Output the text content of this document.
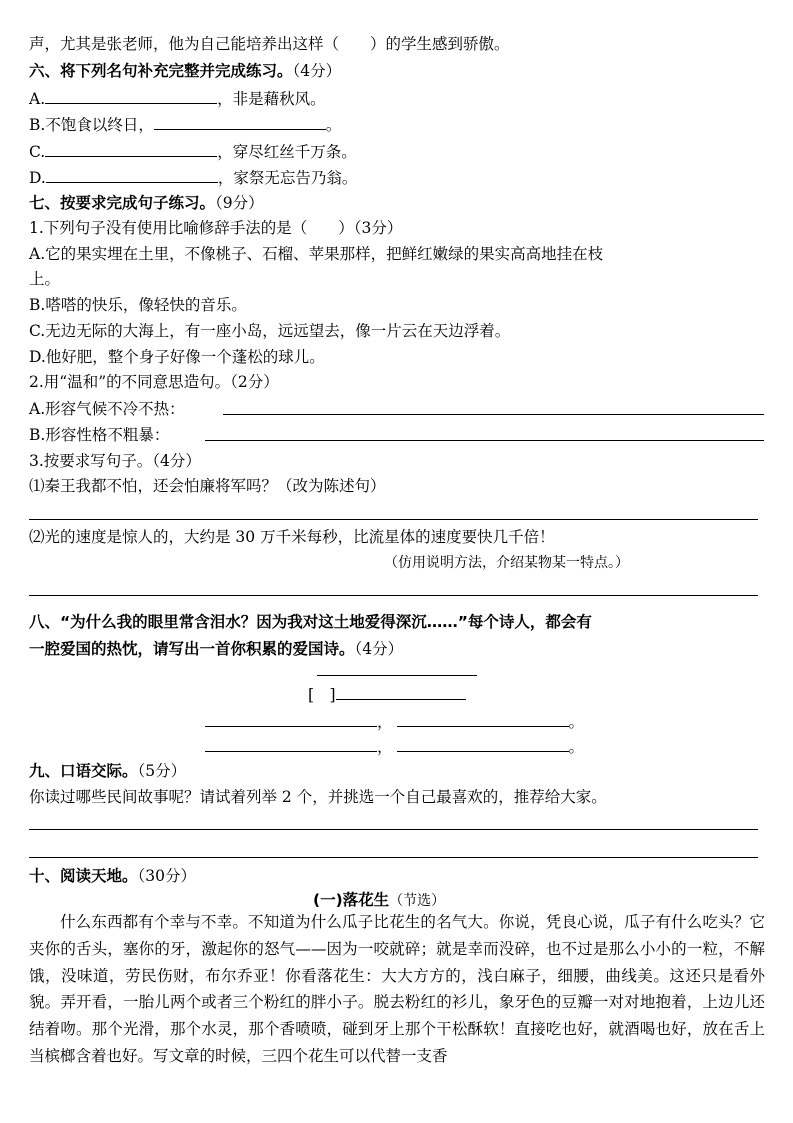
声，尤其是张老师，他为自己能培养出这样（　　）的学生感到骄傲。
六、将下列名句补充完整并完成练习。（4分）
A.	，非是藉秋风。
B.不饱食以终日，	。
C.	，穿尽红丝千万条。
D.	，家祭无忘告乃翁。
七、按要求完成句子练习。（9分）
1.下列句子没有使用比喻修辞手法的是（　　）（3分）
A.它的果实埋在土里，不像桃子、石榴、苹果那样，把鲜红嫩绿的果实高高地挂在枝
上。
B.嗒嗒的快乐，像轻快的音乐。
C.无边无际的大海上，有一座小岛，远远望去，像一片云在天边浮着。
D.他好肥，整个身子好像一个蓬松的球儿。
2.用“温和”的不同意思造句。（2分）
A.形容气候不冷不热：
B.形容性格不粗暴：
3.按要求写句子。（4分）
⑴秦王我都不怕，还会怕廉将军吗？（改为陈述句）
⑵光的速度是惊人的，大约是 30 万千米每秒，比流星体的速度要快几千倍！
（仿用说明方法，介绍某物某一特点。）
八、“为什么我的眼里常含泪水？因为我对这土地爱得深沉……”每个诗人，都会有
一腔爱国的热忱，请写出一首你积累的爱国诗。（4分）
[　]
，	。
，	。
九、口语交际。（5分）
你读过哪些民间故事呢？请试着列举 2 个，并挑选一个自己最喜欢的，推荐给大家。
十、阅读天地。（30分）
(一)落花生（节选）

什么东西都有个幸与不幸。不知道为什么瓜子比花生的名气大。你说，凭良心说，瓜子有什么吃头？它夹你的舌头，塞你的牙，激起你的怒气——因为一咬就碎；就是幸而没碎，也不过是那么小小的一粒，不解饿，没味道，劳民伤财，布尔乔亚！你看落花生：大大方方的，浅白麻子，细腰，曲线美。这还只是看外貌。弄开看，一胎儿两个或者三个粉红的胖小子。脱去粉红的衫儿，象牙色的豆瓣一对对地抱着，上边儿还结着吻。那个光滑，那个水灵，那个香喷喷，碰到牙上那个干松酥软！直接吃也好，就酒喝也好，放在舌上当槟榔含着也好。写文章的时候，三四个花生可以代替一支香
